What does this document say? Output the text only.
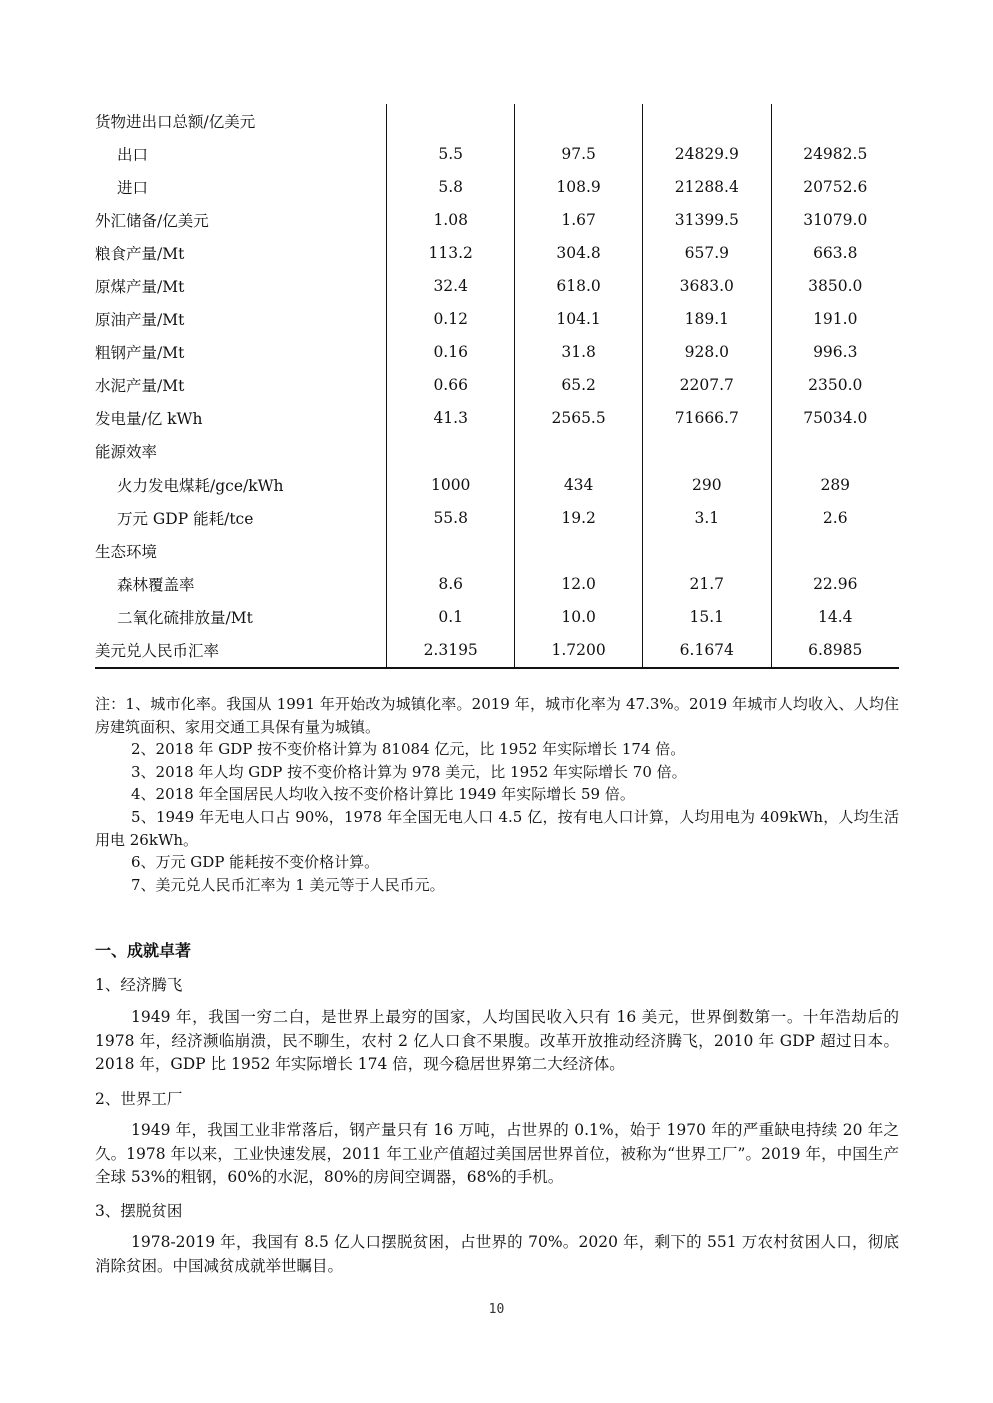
货物进出口总额/亿美元				
出口	5.5	97.5	24829.9	24982.5
进口	5.8	108.9	21288.4	20752.6
外汇储备/亿美元	1.08	1.67	31399.5	31079.0
粮食产量/Mt	113.2	304.8	657.9	663.8
原煤产量/Mt	32.4	618.0	3683.0	3850.0
原油产量/Mt	0.12	104.1	189.1	191.0
粗钢产量/Mt	0.16	31.8	928.0	996.3
水泥产量/Mt	0.66	65.2	2207.7	2350.0
发电量/亿 kWh	41.3	2565.5	71666.7	75034.0
能源效率				
火力发电煤耗/gce/kWh	1000	434	290	289
万元 GDP 能耗/tce	55.8	19.2	3.1	2.6
生态环境				
森林覆盖率	8.6	12.0	21.7	22.96
二氧化硫排放量/Mt	0.1	10.0	15.1	14.4
美元兑人民币汇率	2.3195	1.7200	6.1674	6.8985

注：1、城市化率。我国从 1991 年开始改为城镇化率。2019 年，城市化率为 47.3%。2019 年城市人均收入、人均住房建筑面积、家用交通工具保有量为城镇。

2、2018 年 GDP 按不变价格计算为 81084 亿元，比 1952 年实际增长 174 倍。

3、2018 年人均 GDP 按不变价格计算为 978 美元，比 1952 年实际增长 70 倍。

4、2018 年全国居民人均收入按不变价格计算比 1949 年实际增长 59 倍。

5、1949 年无电人口占 90%，1978 年全国无电人口 4.5 亿，按有电人口计算，人均用电为 409kWh，人均生活用电 26kWh。

6、万元 GDP 能耗按不变价格计算。

7、美元兑人民币汇率为 1 美元等于人民币元。

一、成就卓著
1、经济腾飞

1949 年，我国一穷二白，是世界上最穷的国家，人均国民收入只有 16 美元，世界倒数第一。十年浩劫后的 1978 年，经济濒临崩溃，民不聊生，农村 2 亿人口食不果腹。改革开放推动经济腾飞，2010 年 GDP 超过日本。2018 年，GDP 比 1952 年实际增长 174 倍，现今稳居世界第二大经济体。

2、世界工厂

1949 年，我国工业非常落后，钢产量只有 16 万吨，占世界的 0.1%，始于 1970 年的严重缺电持续 20 年之久。1978 年以来，工业快速发展，2011 年工业产值超过美国居世界首位，被称为“世界工厂”。2019 年，中国生产全球 53%的粗钢，60%的水泥，80%的房间空调器，68%的手机。

3、摆脱贫困

1978-2019 年，我国有 8.5 亿人口摆脱贫困，占世界的 70%。2020 年，剩下的 551 万农村贫困人口，彻底消除贫困。中国减贫成就举世瞩目。

10
